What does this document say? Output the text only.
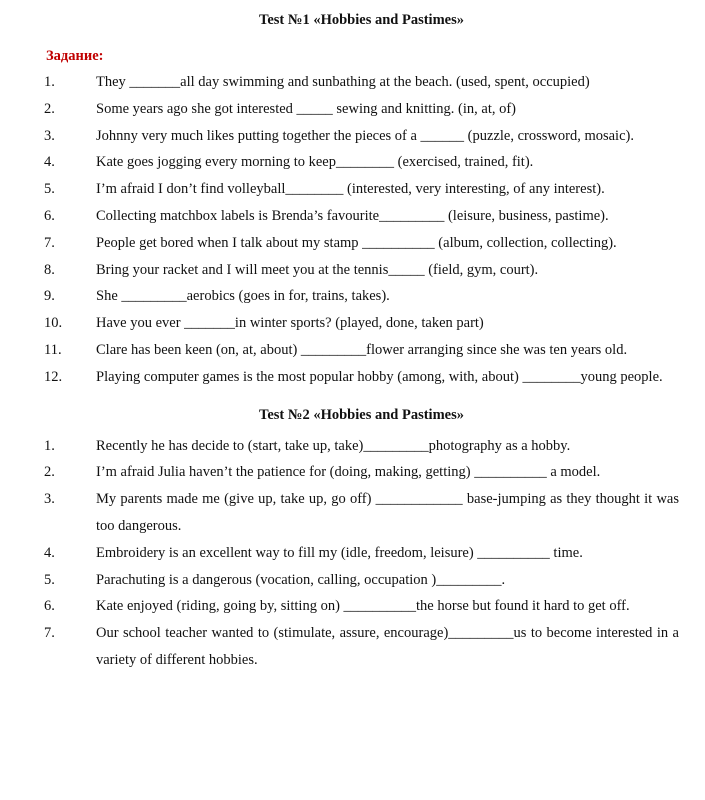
Test №1 «Hobbies and Pastimes»
Задание:
1.	They _______all day swimming and sunbathing at the beach. (used, spent, occupied)
2.	Some years ago she got interested _____ sewing and knitting. (in, at, of)
3.	Johnny very much likes putting together the pieces of a ______ (puzzle, crossword, mosaic).
4.	Kate goes jogging every morning to keep________ (exercised, trained, fit).
5.	I’m afraid I don’t find volleyball________ (interested, very interesting, of any interest).
6.	Collecting matchbox labels is Brenda’s favourite_________ (leisure, business, pastime).
7.	People get bored when I talk about my stamp __________ (album, collection, collecting).
8.	Bring your racket and I will meet you at the tennis_____ (field, gym, court).
9.	She _________aerobics (goes in for, trains, takes).
10.	Have you ever _______in winter sports? (played, done, taken part)
11.	Clare has been keen (on, at, about) _________flower arranging since she was ten years old.
12.	Playing computer games is the most popular hobby (among, with, about) ________young people.
Test №2 «Hobbies and Pastimes»
1.	Recently he has decide to (start, take up, take)_________photography as a hobby.
2.	I’m afraid Julia haven’t the patience for (doing, making, getting) __________ a model.
3.	My parents made me (give up, take up, go off) ____________ base-jumping as they thought it was too dangerous.
4.	Embroidery is an excellent way to fill my (idle, freedom, leisure) __________ time.
5.	Parachuting is a dangerous (vocation, calling, occupation )_________.
6.	Kate enjoyed (riding, going by, sitting on) __________the horse but found it hard to get off.
7.	Our school teacher wanted to (stimulate, assure, encourage)_________us to become interested in a variety of different hobbies.
